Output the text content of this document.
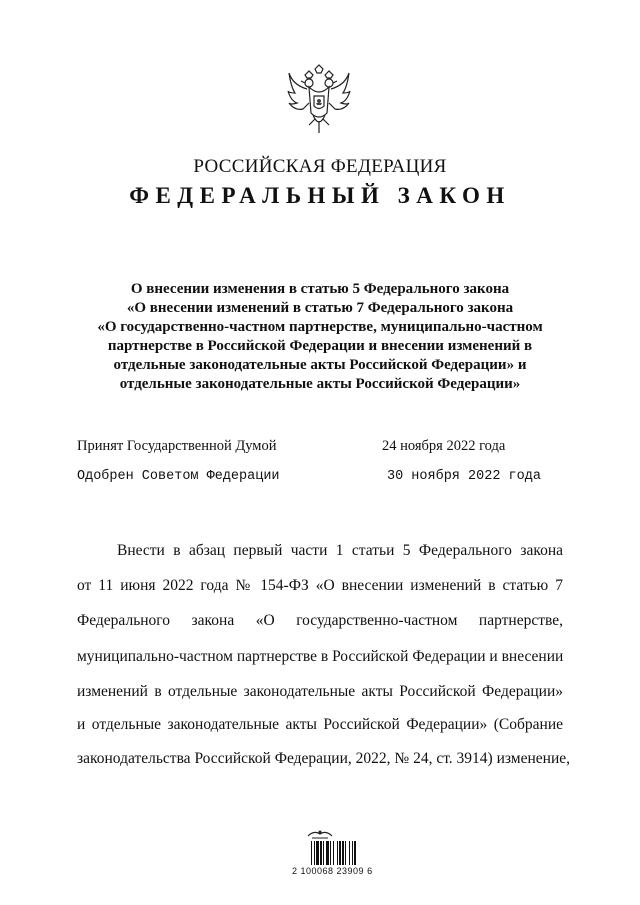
РОССИЙСКАЯ ФЕДЕРАЦИЯ
ФЕДЕРАЛЬНЫЙ ЗАКОН
О внесении изменения в статью 5 Федерального закона
«О внесении изменений в статью 7 Федерального закона
«О государственно-частном партнерстве, муниципально-частном
партнерстве в Российской Федерации и внесении изменений в
отдельные законодательные акты Российской Федерации» и
отдельные законодательные акты Российской Федерации»
Принят Государственной Думой	24 ноября 2022 года
Одобрен Советом Федерации	30 ноября 2022 года
Внести в абзац первый части 1 статьи 5 Федерального закона
от 11 июня 2022 года № 154-ФЗ «О внесении изменений в статью 7
Федерального закона «О государственно-частном партнерстве,
муниципально-частном партнерстве в Российской Федерации и внесении
изменений в отдельные законодательные акты Российской Федерации»
и отдельные законодательные акты Российской Федерации» (Собрание
законодательства Российской Федерации, 2022, № 24, ст. 3914) изменение,
2 100068 23909 6
